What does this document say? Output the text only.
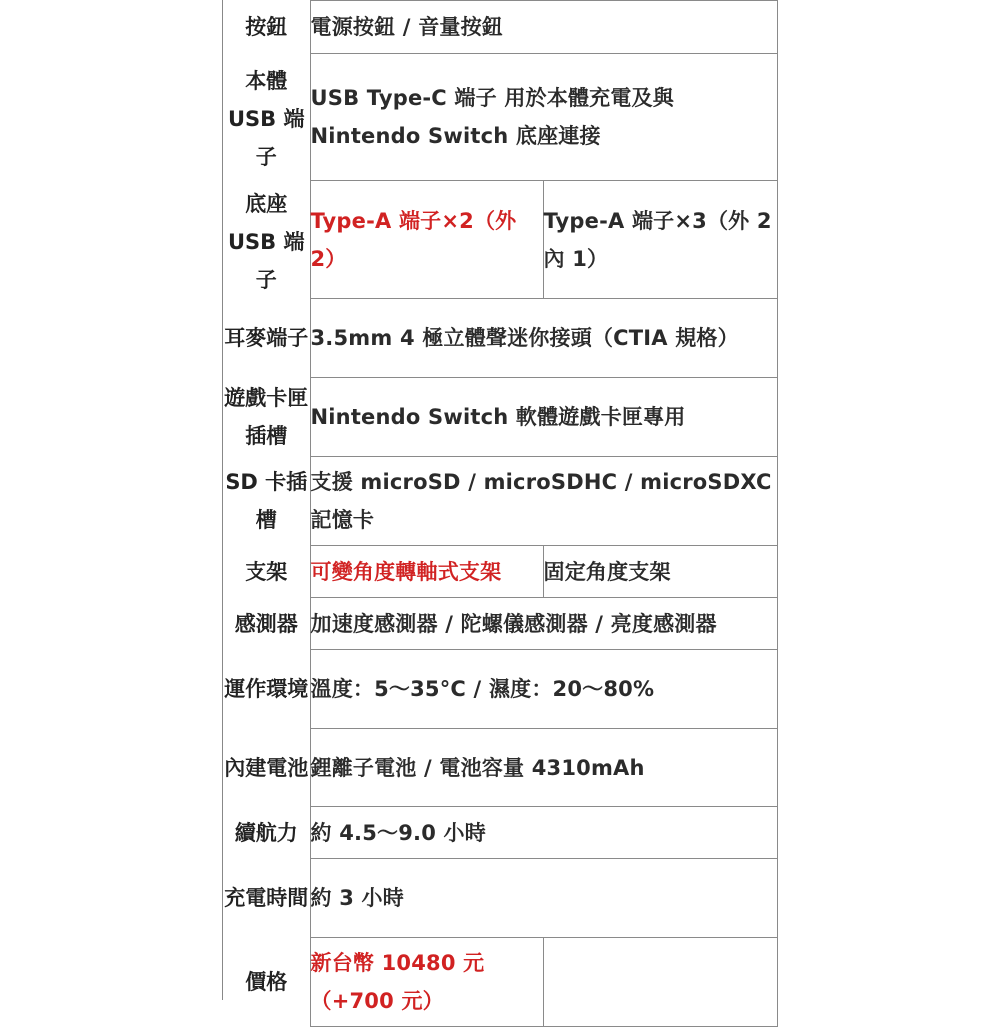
按鈕	電源按鈕 / 音量按鈕	
本體 USB 端子	USB Type-C 端子 用於本體充電及與 Nintendo Switch 底座連接	
底座 USB 端子	Type-A 端子×2（外 2）	Type-A 端子×3（外 2 內 1）
耳麥端子	3.5mm 4 極立體聲迷你接頭（CTIA 規格）	
遊戲卡匣插槽	Nintendo Switch 軟體遊戲卡匣專用	
SD 卡插槽	支援 microSD / microSDHC / microSDXC 記憶卡	
支架	可變角度轉軸式支架	固定角度支架
感測器	加速度感測器 / 陀螺儀感測器 / 亮度感測器	
運作環境	溫度：5～35°C / 濕度：20～80%	
內建電池	鋰離子電池 / 電池容量 4310mAh	
續航力	約 4.5～9.0 小時	
充電時間	約 3 小時	
價格	新台幣 10480 元（+700 元）	
